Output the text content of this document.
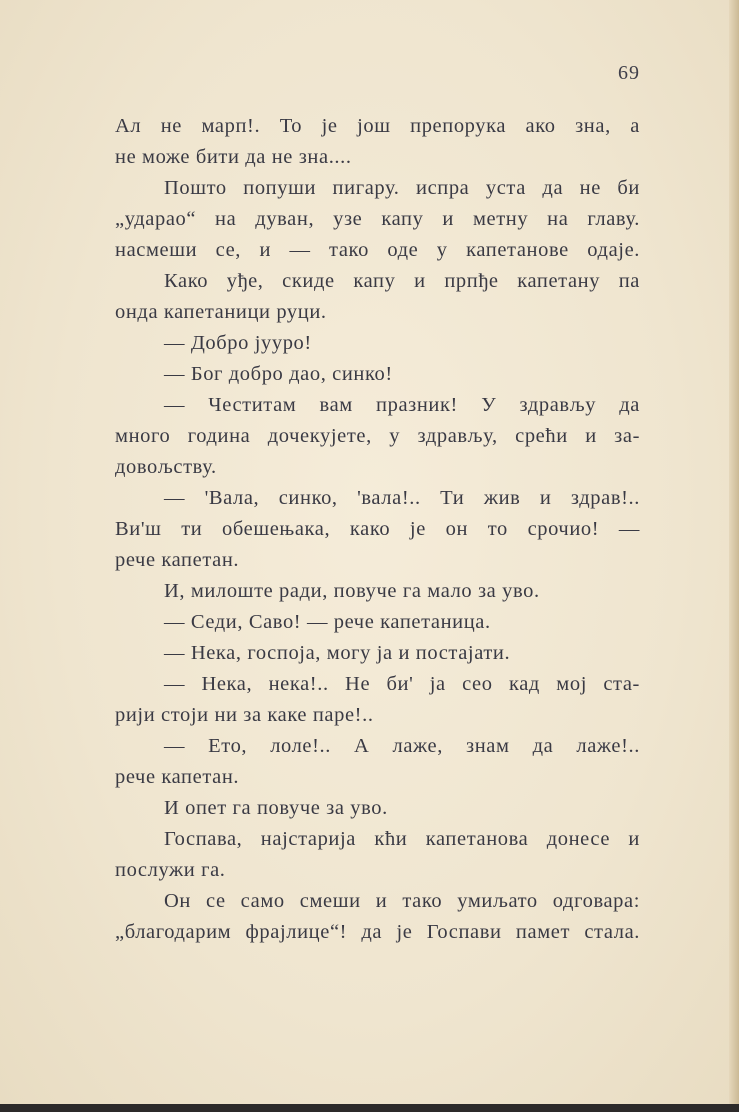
69
Ал не марп!. То је још препорука ако зна, а
не може бити да не зна....
Пошто попуши пигару. испра уста да не би
„ударао“ на дуван, узе капу и метну на главу.
насмеши се, и — тако оде у капетанове одаје.
Како уђе, скиде капу и прпђе капетану па
онда капетаници руци.
— Добро јууро!
— Бог добро дао, синко!
— Честитам вам празник! У здрављу да
много година дочекујете, у здрављу, срећи и за-
довољству.
— 'Вала, синко, 'вала!.. Ти жив и здрав!..
Ви'ш ти обешењака, како је он то срочио! —
рече капетан.
И, милоште ради, повуче га мало за уво.
— Седи, Саво! — рече капетаница.
— Нека, госпоја, могу ја и постајати.
— Нека, нека!.. Не би' ја сео кад мој ста-
рији стоји ни за каке паре!..
— Ето, лоле!.. А лаже, знам да лаже!..
рече капетан.
И опет га повуче за уво.
Госпава, најстарија кћи капетанова донесе и
послужи га.
Он се само смеши и тако умиљато одговара:
„благодарим фрајлице“! да је Госпави памет стала.
